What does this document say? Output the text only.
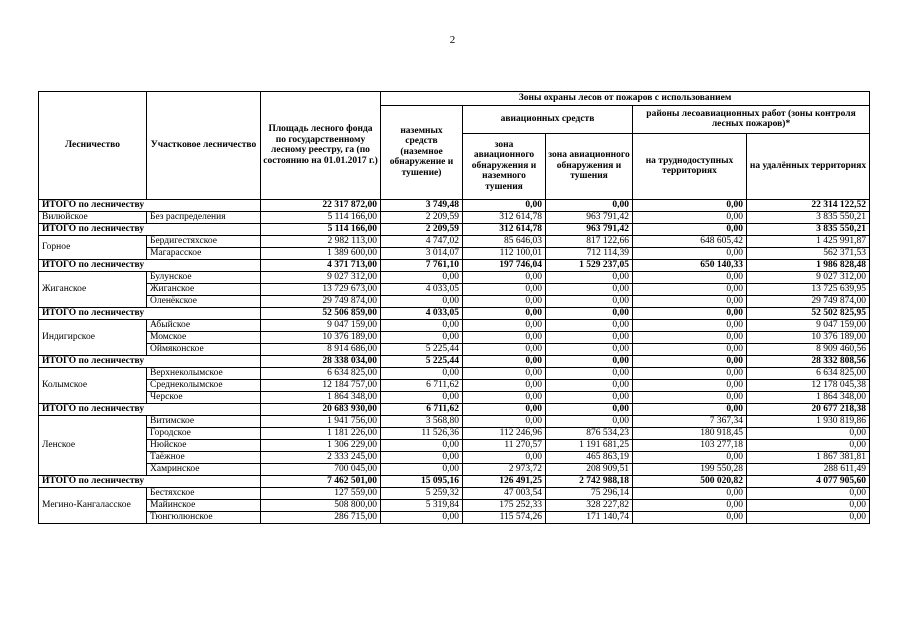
2
Лесничество	Участковое лесничество	Площадь лесного фонда по государственному лесному реестру, га (по состоянию на 01.01.2017 г.)	Зоны охраны лесов от пожаров с использованием				
			наземных средств (наземное обнаружение и тушение)	авиационных средств		районы лесоавиационных работ (зоны контроля лесных пожаров)*	

				зона авиационного обнаружения и наземного тушения	зона авиационного обнаружения и тушения	на труднодоступных территориях	на удалённых территориях
ИТОГО по лесничеству		22 317 872,00	3 749,48	0,00	0,00	0,00	22 314 122,52
Вилюйское	Без распределения	5 114 166,00	2 209,59	312 614,78	963 791,42	0,00	3 835 550,21
ИТОГО по лесничеству		5 114 166,00	2 209,59	312 614,78	963 791,42	0,00	3 835 550,21
Горное	Бердигестяхское	2 982 113,00	4 747,02	85 646,03	817 122,66	648 605,42	1 425 991,87
	Магарасское	1 389 600,00	3 014,07	112 100,01	712 114,39	0,00	562 371,53
ИТОГО по лесничеству		4 371 713,00	7 761,10	197 746,04	1 529 237,05	650 140,33	1 986 828,48
Жиганское	Булунское	9 027 312,00	0,00	0,00	0,00	0,00	9 027 312,00
	Жиганское	13 729 673,00	4 033,05	0,00	0,00	0,00	13 725 639,95
	Оленёкское	29 749 874,00	0,00	0,00	0,00	0,00	29 749 874,00
ИТОГО по лесничеству		52 506 859,00	4 033,05	0,00	0,00	0,00	52 502 825,95
Индигирское	Абыйское	9 047 159,00	0,00	0,00	0,00	0,00	9 047 159,00
	Момское	10 376 189,00	0,00	0,00	0,00	0,00	10 376 189,00
	Оймяконское	8 914 686,00	5 225,44	0,00	0,00	0,00	8 909 460,56
ИТОГО по лесничеству		28 338 034,00	5 225,44	0,00	0,00	0,00	28 332 808,56
Колымское	Верхнеколымское	6 634 825,00	0,00	0,00	0,00	0,00	6 634 825,00
	Среднеколымское	12 184 757,00	6 711,62	0,00	0,00	0,00	12 178 045,38
	Черское	1 864 348,00	0,00	0,00	0,00	0,00	1 864 348,00
ИТОГО по лесничеству		20 683 930,00	6 711,62	0,00	0,00	0,00	20 677 218,38
Ленское	Витимское	1 941 756,00	3 568,80	0,00	0,00	7 367,34	1 930 819,86
	Городское	1 181 226,00	11 526,36	112 246,96	876 534,23	180 918,45	0,00
	Нюйское	1 306 229,00	0,00	11 270,57	1 191 681,25	103 277,18	0,00
	Таёжное	2 333 245,00	0,00	0,00	465 863,19	0,00	1 867 381,81
	Хамринское	700 045,00	0,00	2 973,72	208 909,51	199 550,28	288 611,49
ИТОГО по лесничеству		7 462 501,00	15 095,16	126 491,25	2 742 988,18	500 020,82	4 077 905,60
Мегино-Кангаласское	Бестяхское	127 559,00	5 259,32	47 003,54	75 296,14	0,00	0,00
	Майинское	508 800,00	5 319,84	175 252,33	328 227,82	0,00	0,00
	Тюнгюлюнское	286 715,00	0,00	115 574,26	171 140,74	0,00	0,00
